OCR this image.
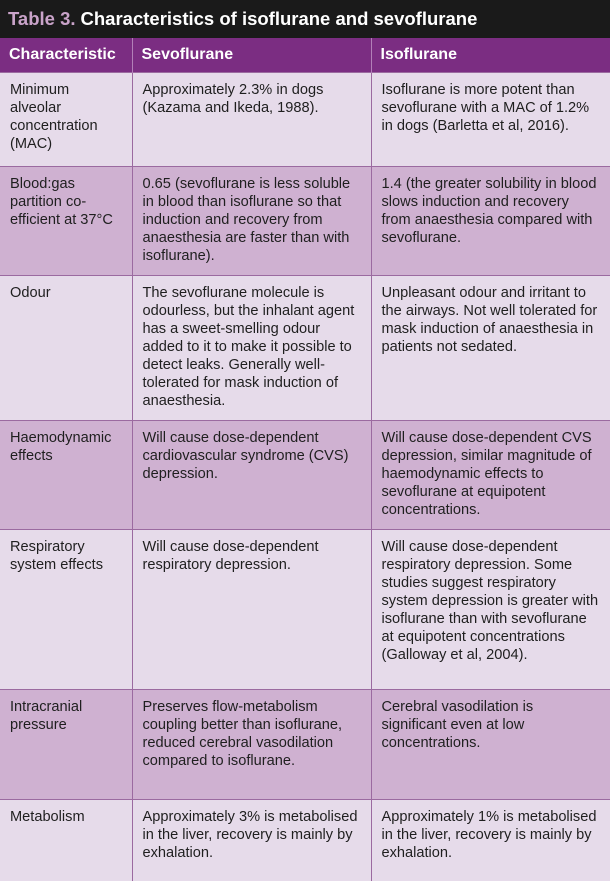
Table 3. Characteristics of isoflurane and sevoflurane
Characteristic	Sevoflurane	Isoflurane
Minimum alveolar concentration (MAC)	Approximately 2.3% in dogs (Kazama and Ikeda, 1988).	Isoflurane is more potent than sevoflurane with a MAC of 1.2% in dogs (Barletta et al, 2016).
Blood:gas partition co-efficient at 37°C	0.65 (sevoflurane is less soluble in blood than isoflurane so that induction and recovery from anaesthesia are faster than with isoflurane).	1.4 (the greater solubility in blood slows induction and recovery from anaesthesia compared with sevoflurane.
Odour	The sevoflurane molecule is odourless, but the inhalant agent has a sweet-smelling odour added to it to make it possible to detect leaks. Generally well-tolerated for mask induction of anaesthesia.	Unpleasant odour and irritant to the airways. Not well tolerated for mask induction of anaesthesia in patients not sedated.
Haemodynamic effects	Will cause dose-dependent cardiovascular syndrome (CVS) depression.	Will cause dose-dependent CVS depression, similar magnitude of haemodynamic effects to sevoflurane at equipotent concentrations.
Respiratory system effects	Will cause dose-dependent respiratory depression.	Will cause dose-dependent respiratory depression. Some studies suggest respiratory system depression is greater with isoflurane than with sevoflurane at equipotent concentrations (Galloway et al, 2004).
Intracranial pressure	Preserves flow-metabolism coupling better than isoflurane, reduced cerebral vasodilation compared to isoflurane.	Cerebral vasodilation is significant even at low concentrations.
Metabolism	Approximately 3% is metabolised in the liver, recovery is mainly by exhalation.	Approximately 1% is metabolised in the liver, recovery is mainly by exhalation.
